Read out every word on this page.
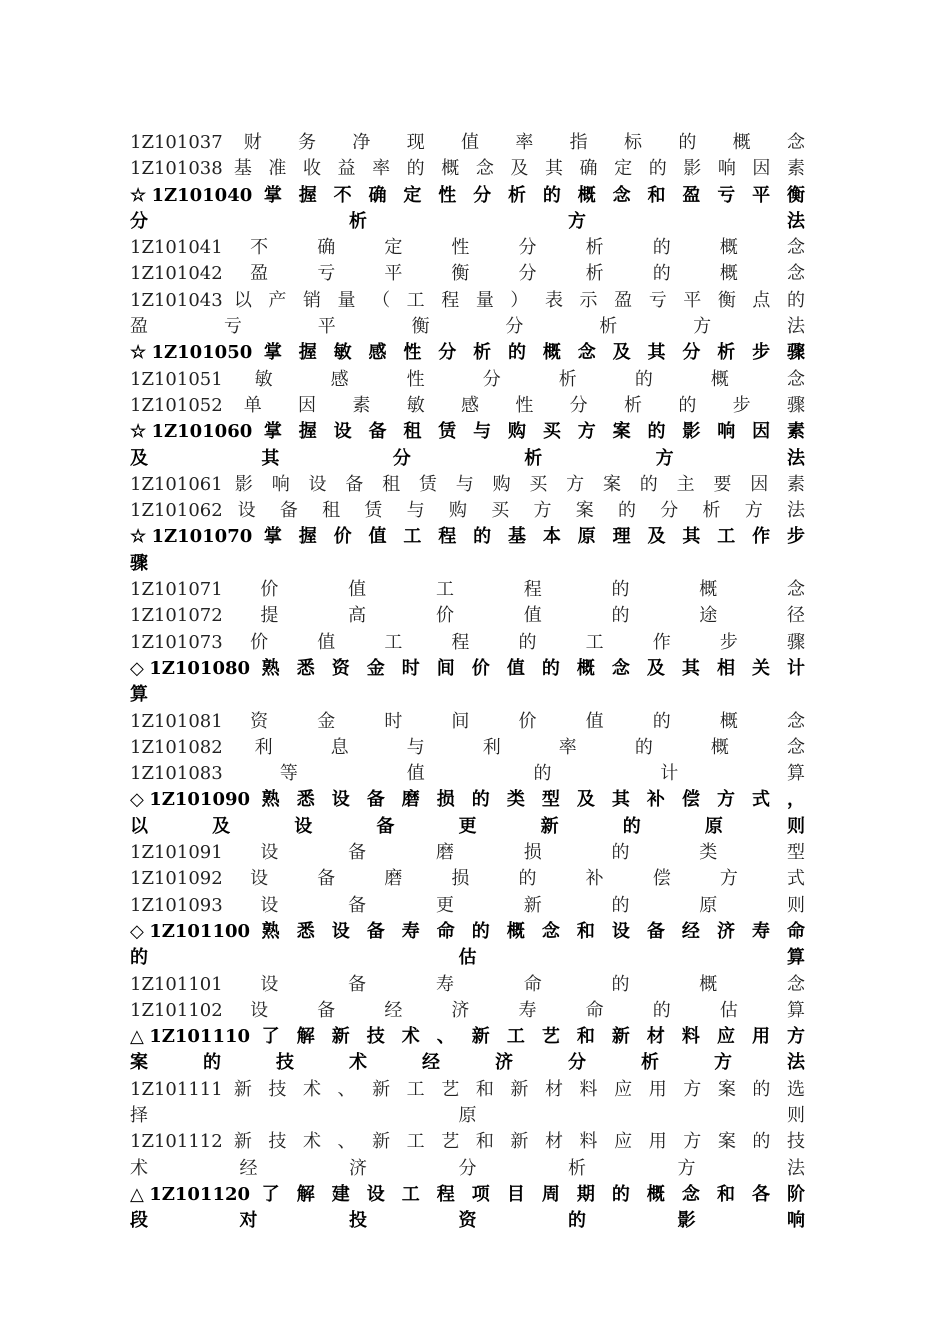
1Z101037 财 务 净 现 值 率 指 标 的 概 念
1Z101038 基 准 收 益 率 的 概 念 及 其 确 定 的 影 响 因 素
☆1Z101040 掌 握 不 确 定 性 分 析 的 概 念 和 盈 亏 平 衡
分 析 方 法
1Z101041 不 确 定 性 分 析 的 概 念
1Z101042 盈 亏 平 衡 分 析 的 概 念
1Z101043 以 产 销 量 （ 工 程 量 ） 表 示 盈 亏 平 衡 点 的
盈 亏 平 衡 分 析 方 法
☆1Z101050 掌 握 敏 感 性 分 析 的 概 念 及 其 分 析 步 骤
1Z101051 敏 感 性 分 析 的 概 念
1Z101052 单 因 素 敏 感 性 分 析 的 步 骤
☆1Z101060 掌 握 设 备 租 赁 与 购 买 方 案 的 影 响 因 素
及 其 分 析 方 法
1Z101061 影 响 设 备 租 赁 与 购 买 方 案 的 主 要 因 素
1Z101062 设 备 租 赁 与 购 买 方 案 的 分 析 方 法
☆1Z101070 掌 握 价 值 工 程 的 基 本 原 理 及 其 工 作 步
骤
1Z101071 价 值 工 程 的 概 念
1Z101072 提 高 价 值 的 途 径
1Z101073 价 值 工 程 的 工 作 步 骤
◇1Z101080 熟 悉 资 金 时 间 价 值 的 概 念 及 其 相 关 计
算
1Z101081 资 金 时 间 价 值 的 概 念
1Z101082 利 息 与 利 率 的 概 念
1Z101083 等 值 的 计 算
◇1Z101090 熟 悉 设 备 磨 损 的 类 型 及 其 补 偿 方 式 ，
以 及 设 备 更 新 的 原 则
1Z101091 设 备 磨 损 的 类 型
1Z101092 设 备 磨 损 的 补 偿 方 式
1Z101093 设 备 更 新 的 原 则
◇1Z101100 熟 悉 设 备 寿 命 的 概 念 和 设 备 经 济 寿 命
的 估 算
1Z101101 设 备 寿 命 的 概 念
1Z101102 设 备 经 济 寿 命 的 估 算
△1Z101110 了 解 新 技 术 、 新 工 艺 和 新 材 料 应 用 方
案 的 技 术 经 济 分 析 方 法
1Z101111 新 技 术 、 新 工 艺 和 新 材 料 应 用 方 案 的 选
择 原 则
1Z101112 新 技 术 、 新 工 艺 和 新 材 料 应 用 方 案 的 技
术 经 济 分 析 方 法
△1Z101120 了 解 建 设 工 程 项 目 周 期 的 概 念 和 各 阶
段 对 投 资 的 影 响
